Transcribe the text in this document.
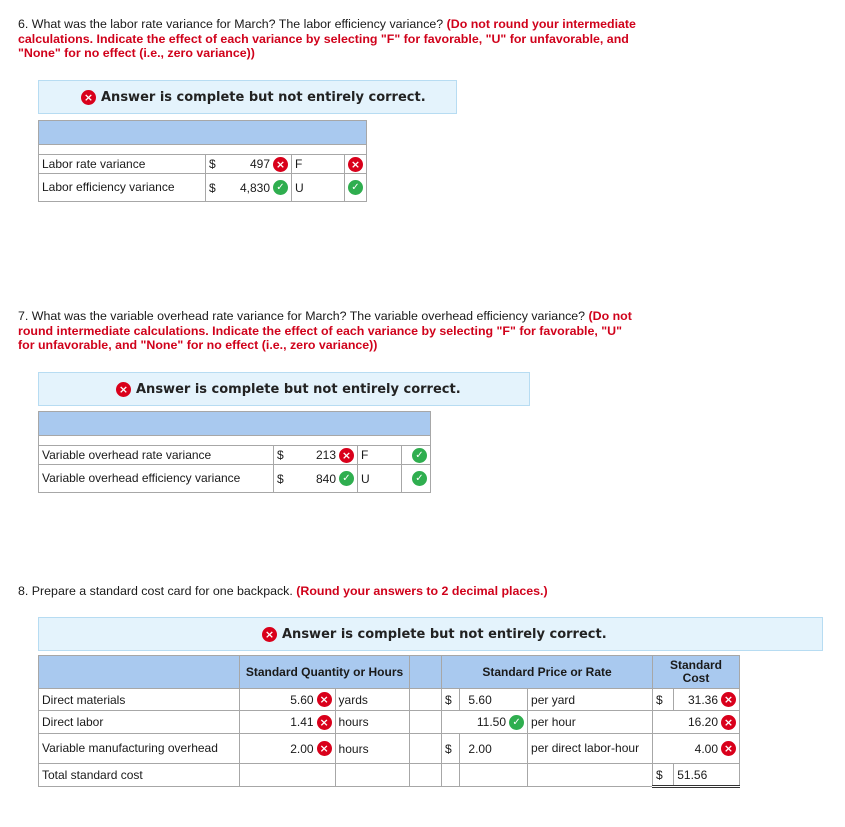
6. What was the labor rate variance for March? The labor efficiency variance? (Do not round your intermediate calculations. Indicate the effect of each variance by selecting "F" for favorable, "U" for unfavorable, and "None" for no effect (i.e., zero variance))
× Answer is complete but not entirely correct.

Labor rate variance	$ 497 ×	F	×
Labor efficiency variance	$ 4,830 ✓	U	✓
7. What was the variable overhead rate variance for March? The variable overhead efficiency variance? (Do not round intermediate calculations. Indicate the effect of each variance by selecting "F" for favorable, "U" for unfavorable, and "None" for no effect (i.e., zero variance))
× Answer is complete but not entirely correct.

Variable overhead rate variance	$ 213 ×	F	✓
Variable overhead efficiency variance	$ 840 ✓	U	✓
8. Prepare a standard cost card for one backpack. (Round your answers to 2 decimal places.)
× Answer is complete but not entirely correct.
	Standard Quantity or Hours			Standard Price or Rate			Standard Cost	
Direct materials	5.60 ×	yards		$	5.60	per yard	$	31.36 ×

Direct labor	1.41 ×	hours		11.50 ✓		per hour	16.20 ×	

Variable manufacturing overhead	2.00 ×	hours		$	2.00	per direct labor-hour	4.00 ×	

Total standard cost							$	51.56
